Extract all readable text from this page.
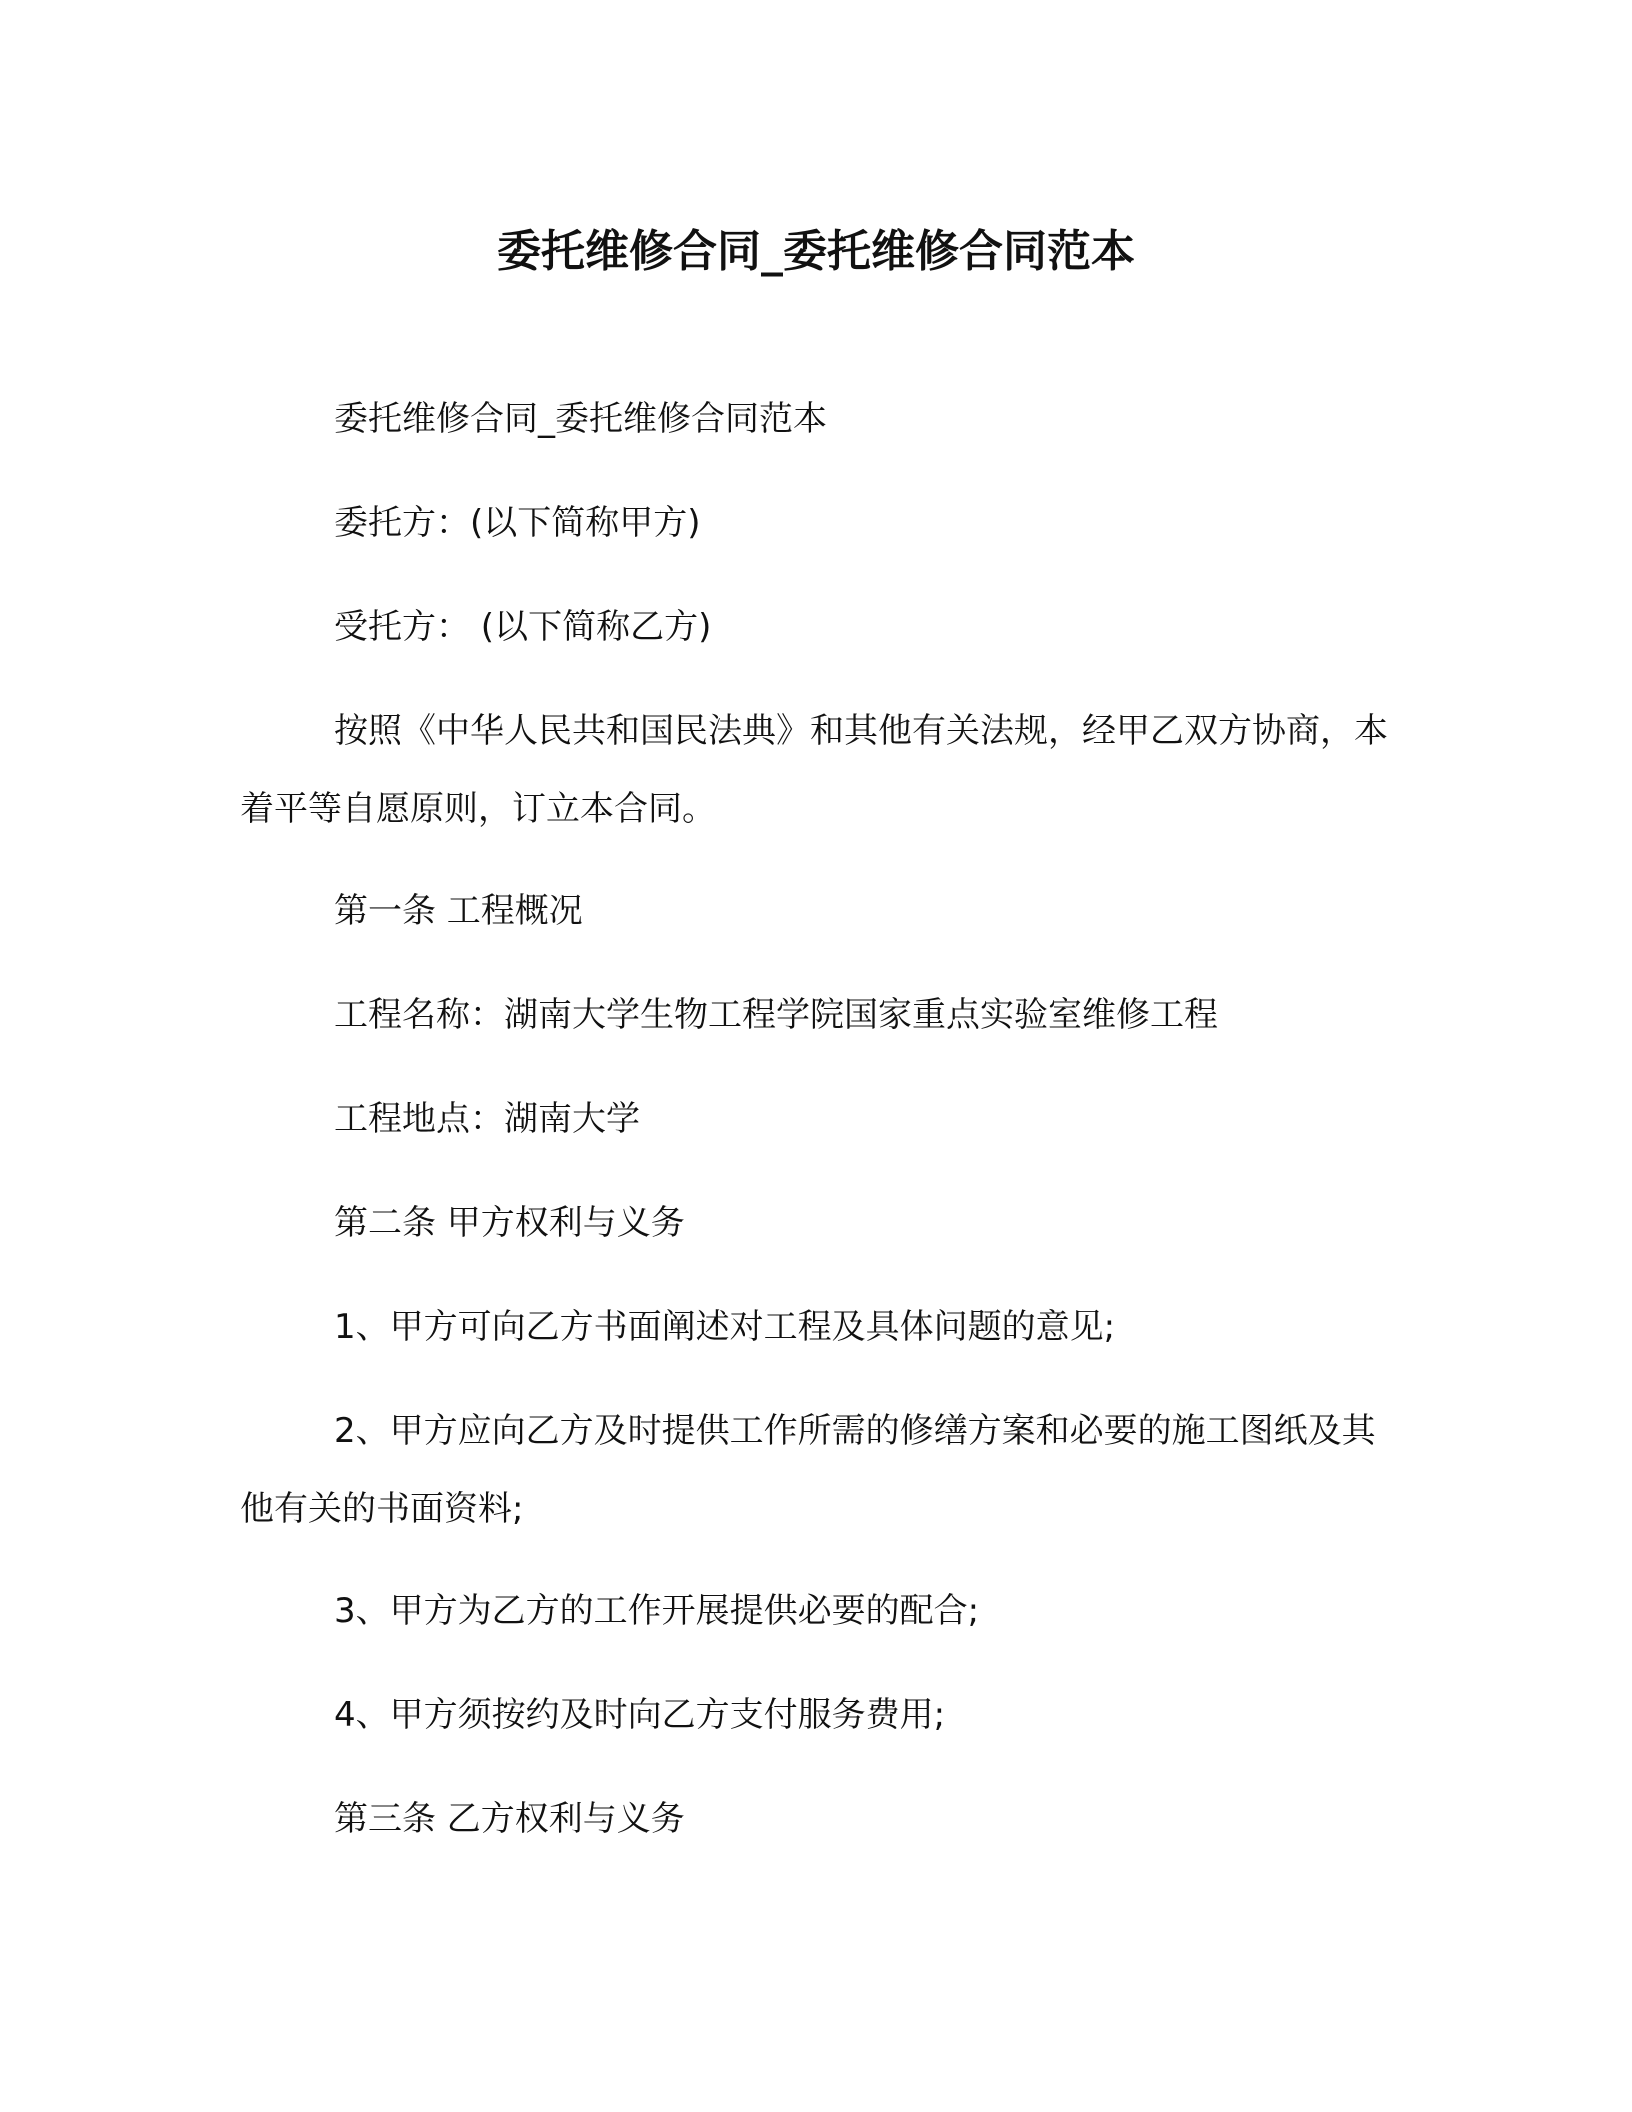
委托维修合同_委托维修合同范本

委托维修合同_委托维修合同范本

委托方：(以下简称甲方)

受托方： (以下简称乙方)

按照《中华人民共和国民法典》和其他有关法规，经甲乙双方协商，本着平等自愿原则，订立本合同。

第一条 工程概况

工程名称：湖南大学生物工程学院国家重点实验室维修工程

工程地点：湖南大学

第二条 甲方权利与义务

1、甲方可向乙方书面阐述对工程及具体问题的意见;

2、甲方应向乙方及时提供工作所需的修缮方案和必要的施工图纸及其他有关的书面资料;

3、甲方为乙方的工作开展提供必要的配合;

4、甲方须按约及时向乙方支付服务费用;

第三条 乙方权利与义务
